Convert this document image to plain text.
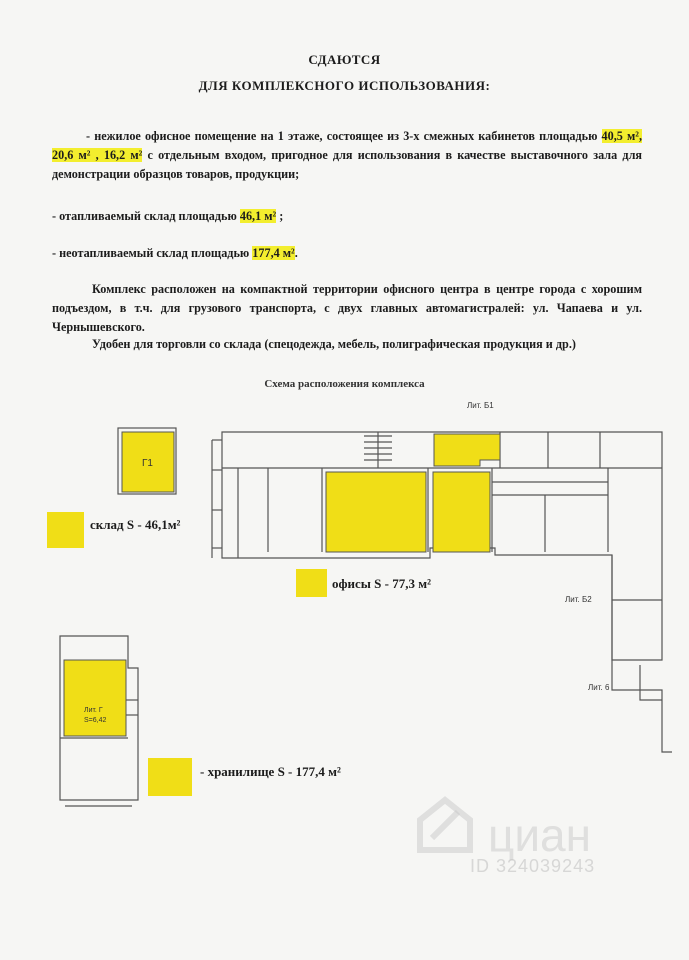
СДАЮТСЯ
ДЛЯ КОМПЛЕКСНОГО ИСПОЛЬЗОВАНИЯ:
- нежилое офисное помещение на 1 этаже, состоящее из 3-х смежных кабинетов площадью 40,5 м², 20,6 м² , 16,2 м² с отдельным входом, пригодное для использования в качестве выставочного зала для демонстрации образцов товаров, продукции;
- отапливаемый склад площадью 46,1 м² ;
- неотапливаемый склад площадью 177,4 м².
Комплекс расположен на компактной территории офисного центра в центре города с хорошим подъездом, в т.ч. для грузового транспорта, с двух главных автомагистралей: ул. Чапаева и ул. Чернышевского.
Удобен для торговли со склада (спецодежда, мебель, полиграфическая продукция и др.)
Схема расположения комплекса
Лит. Б1
Лит. Б2
Лит. 6
Г1
Лит. Г
S=6,42
склад S - 46,1м²
офисы S - 77,3 м²
- хранилище S - 177,4 м²
циан
ID 324039243
